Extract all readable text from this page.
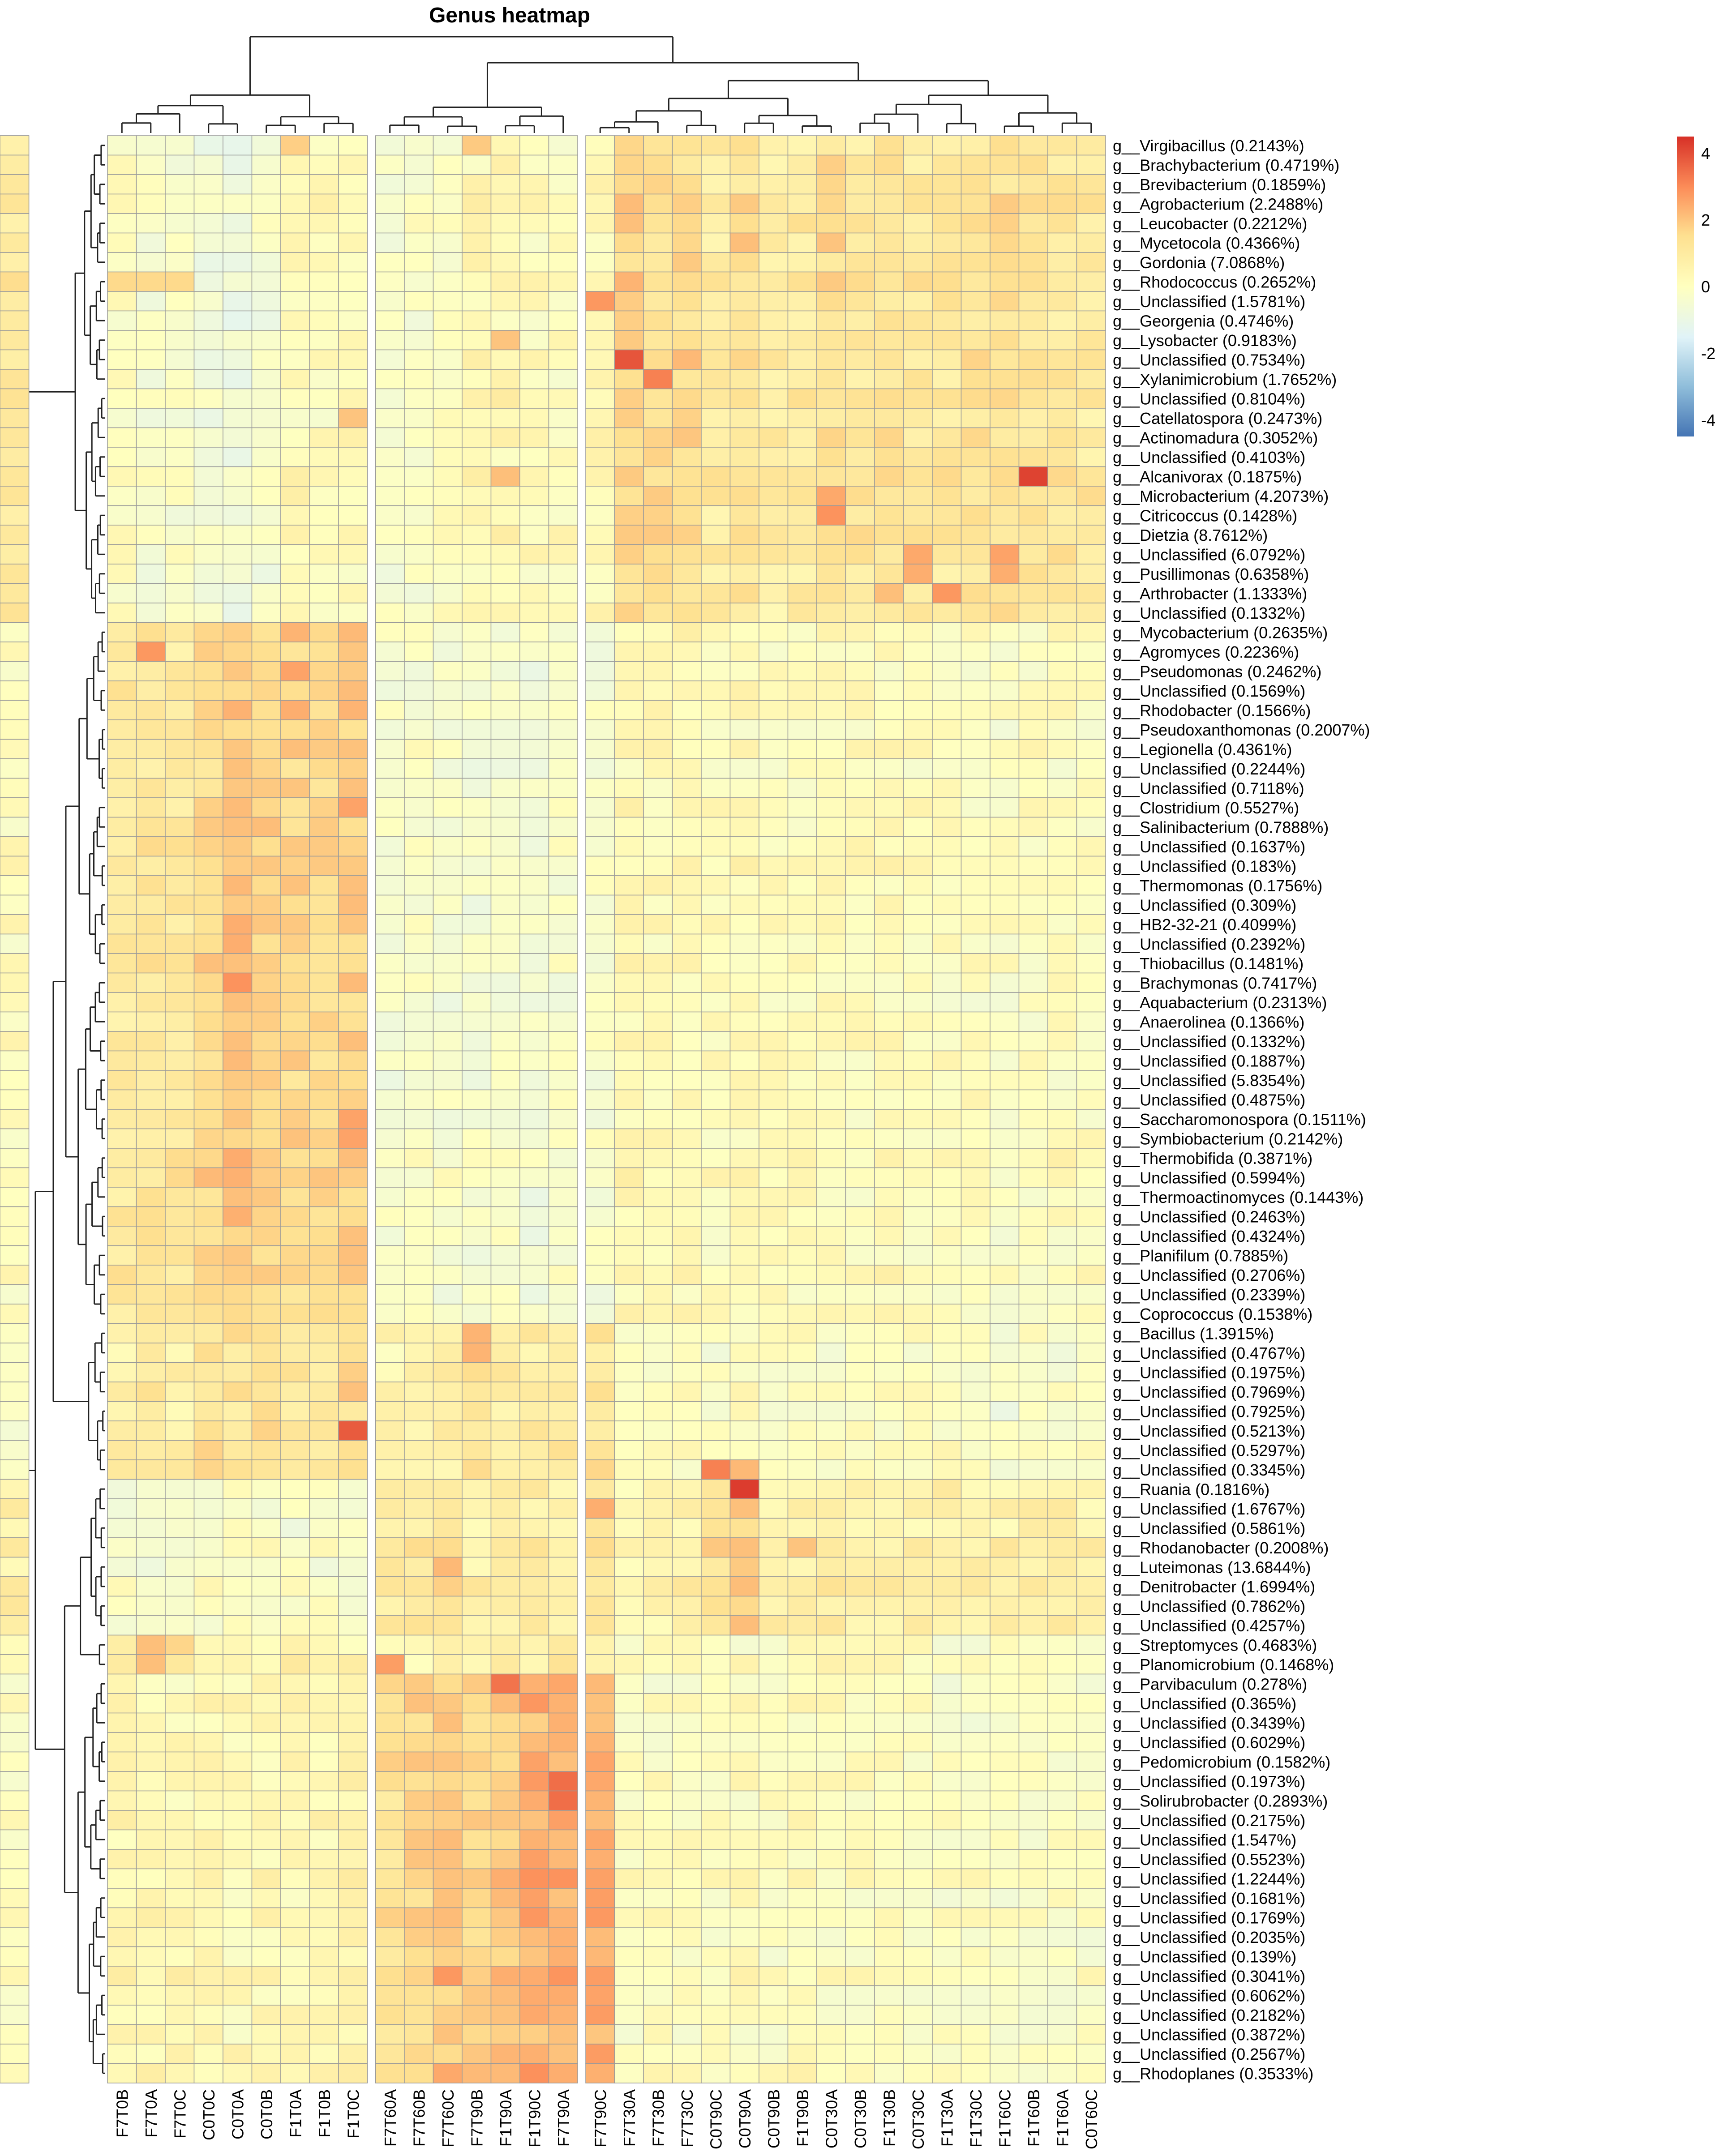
Genus heatmap
g__Virgibacillus (0.2143%)
g__Brachybacterium (0.4719%)
g__Brevibacterium (0.1859%)
g__Agrobacterium (2.2488%)
g__Leucobacter (0.2212%)
g__Mycetocola (0.4366%)
g__Gordonia (7.0868%)
g__Rhodococcus (0.2652%)
g__Unclassified (1.5781%)
g__Georgenia (0.4746%)
g__Lysobacter (0.9183%)
g__Unclassified (0.7534%)
g__Xylanimicrobium (1.7652%)
g__Unclassified (0.8104%)
g__Catellatospora (0.2473%)
g__Actinomadura (0.3052%)
g__Unclassified (0.4103%)
g__Alcanivorax (0.1875%)
g__Microbacterium (4.2073%)
g__Citricoccus (0.1428%)
g__Dietzia (8.7612%)
g__Unclassified (6.0792%)
g__Pusillimonas (0.6358%)
g__Arthrobacter (1.1333%)
g__Unclassified (0.1332%)
g__Mycobacterium (0.2635%)
g__Agromyces (0.2236%)
g__Pseudomonas (0.2462%)
g__Unclassified (0.1569%)
g__Rhodobacter (0.1566%)
g__Pseudoxanthomonas (0.2007%)
g__Legionella (0.4361%)
g__Unclassified (0.2244%)
g__Unclassified (0.7118%)
g__Clostridium (0.5527%)
g__Salinibacterium (0.7888%)
g__Unclassified (0.1637%)
g__Unclassified (0.183%)
g__Thermomonas (0.1756%)
g__Unclassified (0.309%)
g__HB2-32-21 (0.4099%)
g__Unclassified (0.2392%)
g__Thiobacillus (0.1481%)
g__Brachymonas (0.7417%)
g__Aquabacterium (0.2313%)
g__Anaerolinea (0.1366%)
g__Unclassified (0.1332%)
g__Unclassified (0.1887%)
g__Unclassified (5.8354%)
g__Unclassified (0.4875%)
g__Saccharomonospora (0.1511%)
g__Symbiobacterium (0.2142%)
g__Thermobifida (0.3871%)
g__Unclassified (0.5994%)
g__Thermoactinomyces (0.1443%)
g__Unclassified (0.2463%)
g__Unclassified (0.4324%)
g__Planifilum (0.7885%)
g__Unclassified (0.2706%)
g__Unclassified (0.2339%)
g__Coprococcus (0.1538%)
g__Bacillus (1.3915%)
g__Unclassified (0.4767%)
g__Unclassified (0.1975%)
g__Unclassified (0.7969%)
g__Unclassified (0.7925%)
g__Unclassified (0.5213%)
g__Unclassified (0.5297%)
g__Unclassified (0.3345%)
g__Ruania (0.1816%)
g__Unclassified (1.6767%)
g__Unclassified (0.5861%)
g__Rhodanobacter (0.2008%)
g__Luteimonas (13.6844%)
g__Denitrobacter (1.6994%)
g__Unclassified (0.7862%)
g__Unclassified (0.4257%)
g__Streptomyces (0.4683%)
g__Planomicrobium (0.1468%)
g__Parvibaculum (0.278%)
g__Unclassified (0.365%)
g__Unclassified (0.3439%)
g__Unclassified (0.6029%)
g__Pedomicrobium (0.1582%)
g__Unclassified (0.1973%)
g__Solirubrobacter (0.2893%)
g__Unclassified (0.2175%)
g__Unclassified (1.547%)
g__Unclassified (0.5523%)
g__Unclassified (1.2244%)
g__Unclassified (0.1681%)
g__Unclassified (0.1769%)
g__Unclassified (0.2035%)
g__Unclassified (0.139%)
g__Unclassified (0.3041%)
g__Unclassified (0.6062%)
g__Unclassified (0.2182%)
g__Unclassified (0.3872%)
g__Unclassified (0.2567%)
g__Rhodoplanes (0.3533%)
F7T0B F7T0A F7T0C C0T0C C0T0A C0T0B F1T0A F1T0B F1T0C F7T60A F7T60B F7T60C F7T90B F1T90A F1T90C F7T90A F7T90C F7T30A F7T30B F7T30C C0T90C C0T90A C0T90B F1T90B C0T30A C0T30B F1T30B C0T30C F1T30A F1T30C F1T60C F1T60B F1T60A C0T60C
4
2
0
-2
-4
